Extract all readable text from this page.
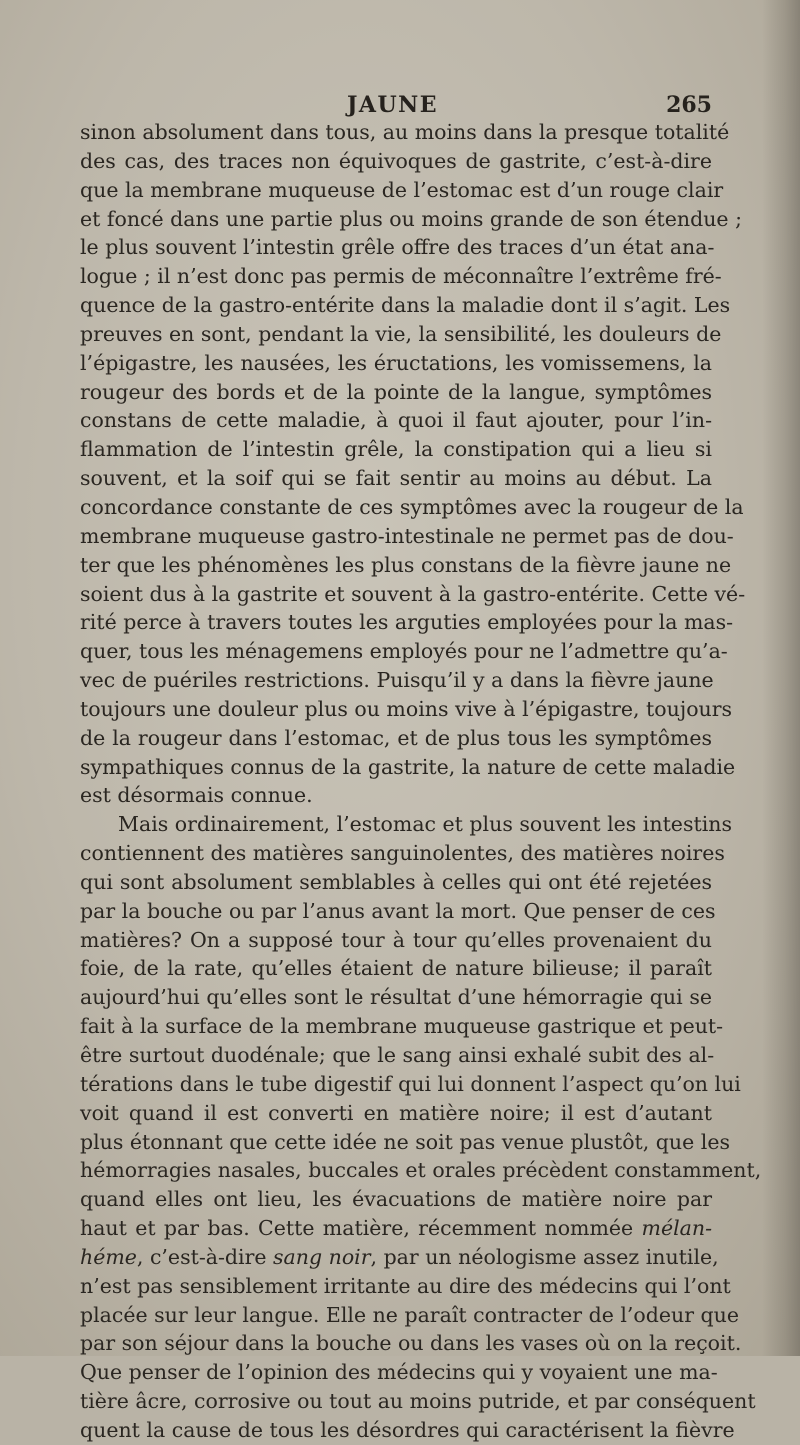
JAUNE	265
sinon absolument dans tous, au moins dans la presque totalité
des cas, des traces non équivoques de gastrite, c’est-à-dire
que la membrane muqueuse de l’estomac est d’un rouge clair
et foncé dans une partie plus ou moins grande de son étendue ;
le plus souvent l’intestin grêle offre des traces d’un état ana-
logue ; il n’est donc pas permis de méconnaître l’extrême fré-
quence de la gastro-entérite dans la maladie dont il s’agit. Les
preuves en sont, pendant la vie, la sensibilité, les douleurs de
l’épigastre, les nausées, les éructations, les vomissemens, la
rougeur des bords et de la pointe de la langue, symptômes
constans de cette maladie, à quoi il faut ajouter, pour l’in-
flammation de l’intestin grêle, la constipation qui a lieu si
souvent, et la soif qui se fait sentir au moins au début. La
concordance constante de ces symptômes avec la rougeur de la
membrane muqueuse gastro-intestinale ne permet pas de dou-
ter que les phénomènes les plus constans de la fièvre jaune ne
soient dus à la gastrite et souvent à la gastro-entérite. Cette vé-
rité perce à travers toutes les arguties employées pour la mas-
quer, tous les ménagemens employés pour ne l’admettre qu’a-
vec de puériles restrictions. Puisqu’il y a dans la fièvre jaune
toujours une douleur plus ou moins vive à l’épigastre, toujours
de la rougeur dans l’estomac, et de plus tous les symptômes
sympathiques connus de la gastrite, la nature de cette maladie
est désormais connue.
Mais ordinairement, l’estomac et plus souvent les intestins
contiennent des matières sanguinolentes, des matières noires
qui sont absolument semblables à celles qui ont été rejetées
par la bouche ou par l’anus avant la mort. Que penser de ces
matières? On a supposé tour à tour qu’elles provenaient du
foie, de la rate, qu’elles étaient de nature bilieuse; il paraît
aujourd’hui qu’elles sont le résultat d’une hémorragie qui se
fait à la surface de la membrane muqueuse gastrique et peut-
être surtout duodénale; que le sang ainsi exhalé subit des al-
térations dans le tube digestif qui lui donnent l’aspect qu’on lui
voit quand il est converti en matière noire; il est d’autant
plus étonnant que cette idée ne soit pas venue plustôt, que les
hémorragies nasales, buccales et orales précèdent constamment,
quand elles ont lieu, les évacuations de matière noire par
haut et par bas. Cette matière, récemment nommée mélan-
héme, c’est-à-dire sang noir, par un néologisme assez inutile,
n’est pas sensiblement irritante au dire des médecins qui l’ont
placée sur leur langue. Elle ne paraît contracter de l’odeur que
par son séjour dans la bouche ou dans les vases où on la reçoit.
Que penser de l’opinion des médecins qui y voyaient une ma-
tière âcre, corrosive ou tout au moins putride, et par conséquent
quent la cause de tous les désordres qui caractérisent la fièvre
